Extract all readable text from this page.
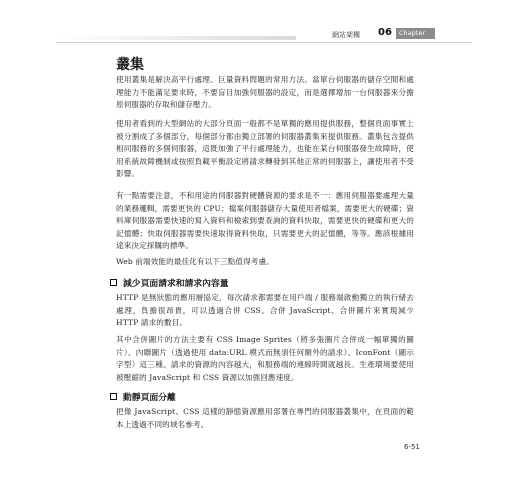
網站架構 06	Chapter
叢集

使用叢集是解決高平行處理、巨量資料問題的常用方法。當單台伺服器的儲存空間和處理能力不能滿足要求時，不要盲目加強伺服器的設定，而是選擇增加一台伺服器來分擔原伺服器的存取和儲存壓力。

使用者看到的大型網站的大部分頁面一般都不是單獨的應用提供服務，整個頁面事實上被分割成了多個部分，每個部分都由獨立部署的伺服器叢集來提供服務。叢集包含提供相同服務的多個伺服器，這既加強了平行處理能力，也能在某台伺服器發生故障時，使用系統故障機制或按照負載平衡設定將請求轉發到其他正常的伺服器上，讓使用者不受影響。

有一點需要注意，不和用途的伺服器對硬體資源的要求是不一：應用伺服器要處理大量的業務邏輯，需要更快的 CPU；檔案伺服器儲存大量使用者檔案，需要更大的硬碟；資料庫伺服器需要快速的寫入資料和檢索到要查詢的資料快取，需要更快的硬碟和更大的記憶體；快取伺服器需要快速取得資料快取，只需要更大的記憶體，等等。應該根據用途來決定採購的標準。

Web 前端效能的最佳化有以下三點值得考慮。

減少頁面請求和請求內容量

HTTP 是無狀態的應用層協定，每次請求都需要在用戶端 / 服務端啟動獨立的執行緒去處理，負擔很昂貴，可以透過合併 CSS、合併 JavaScript、合併圖片來實現減少 HTTP 請求的數目。

其中合併圖片的方法主要有 CSS Image Sprites（將多張圖片合併成一幅單獨的圖片）、內聯圖片（透過使用 data:URL 模式而無須任何額外的請求）、IconFont（圖示字型）這三種。請求的資源的內容越大，和服務端的連線時間就越長。生產環境要使用被壓縮的 JavaScript 和 CSS 資源以加強回應速度。

動靜頁面分離

把像 JavaScript、CSS 這樣的靜態資源應用部署在專門的伺服器叢集中，在頁面的範本上透過不同的域名參考。

6-51
